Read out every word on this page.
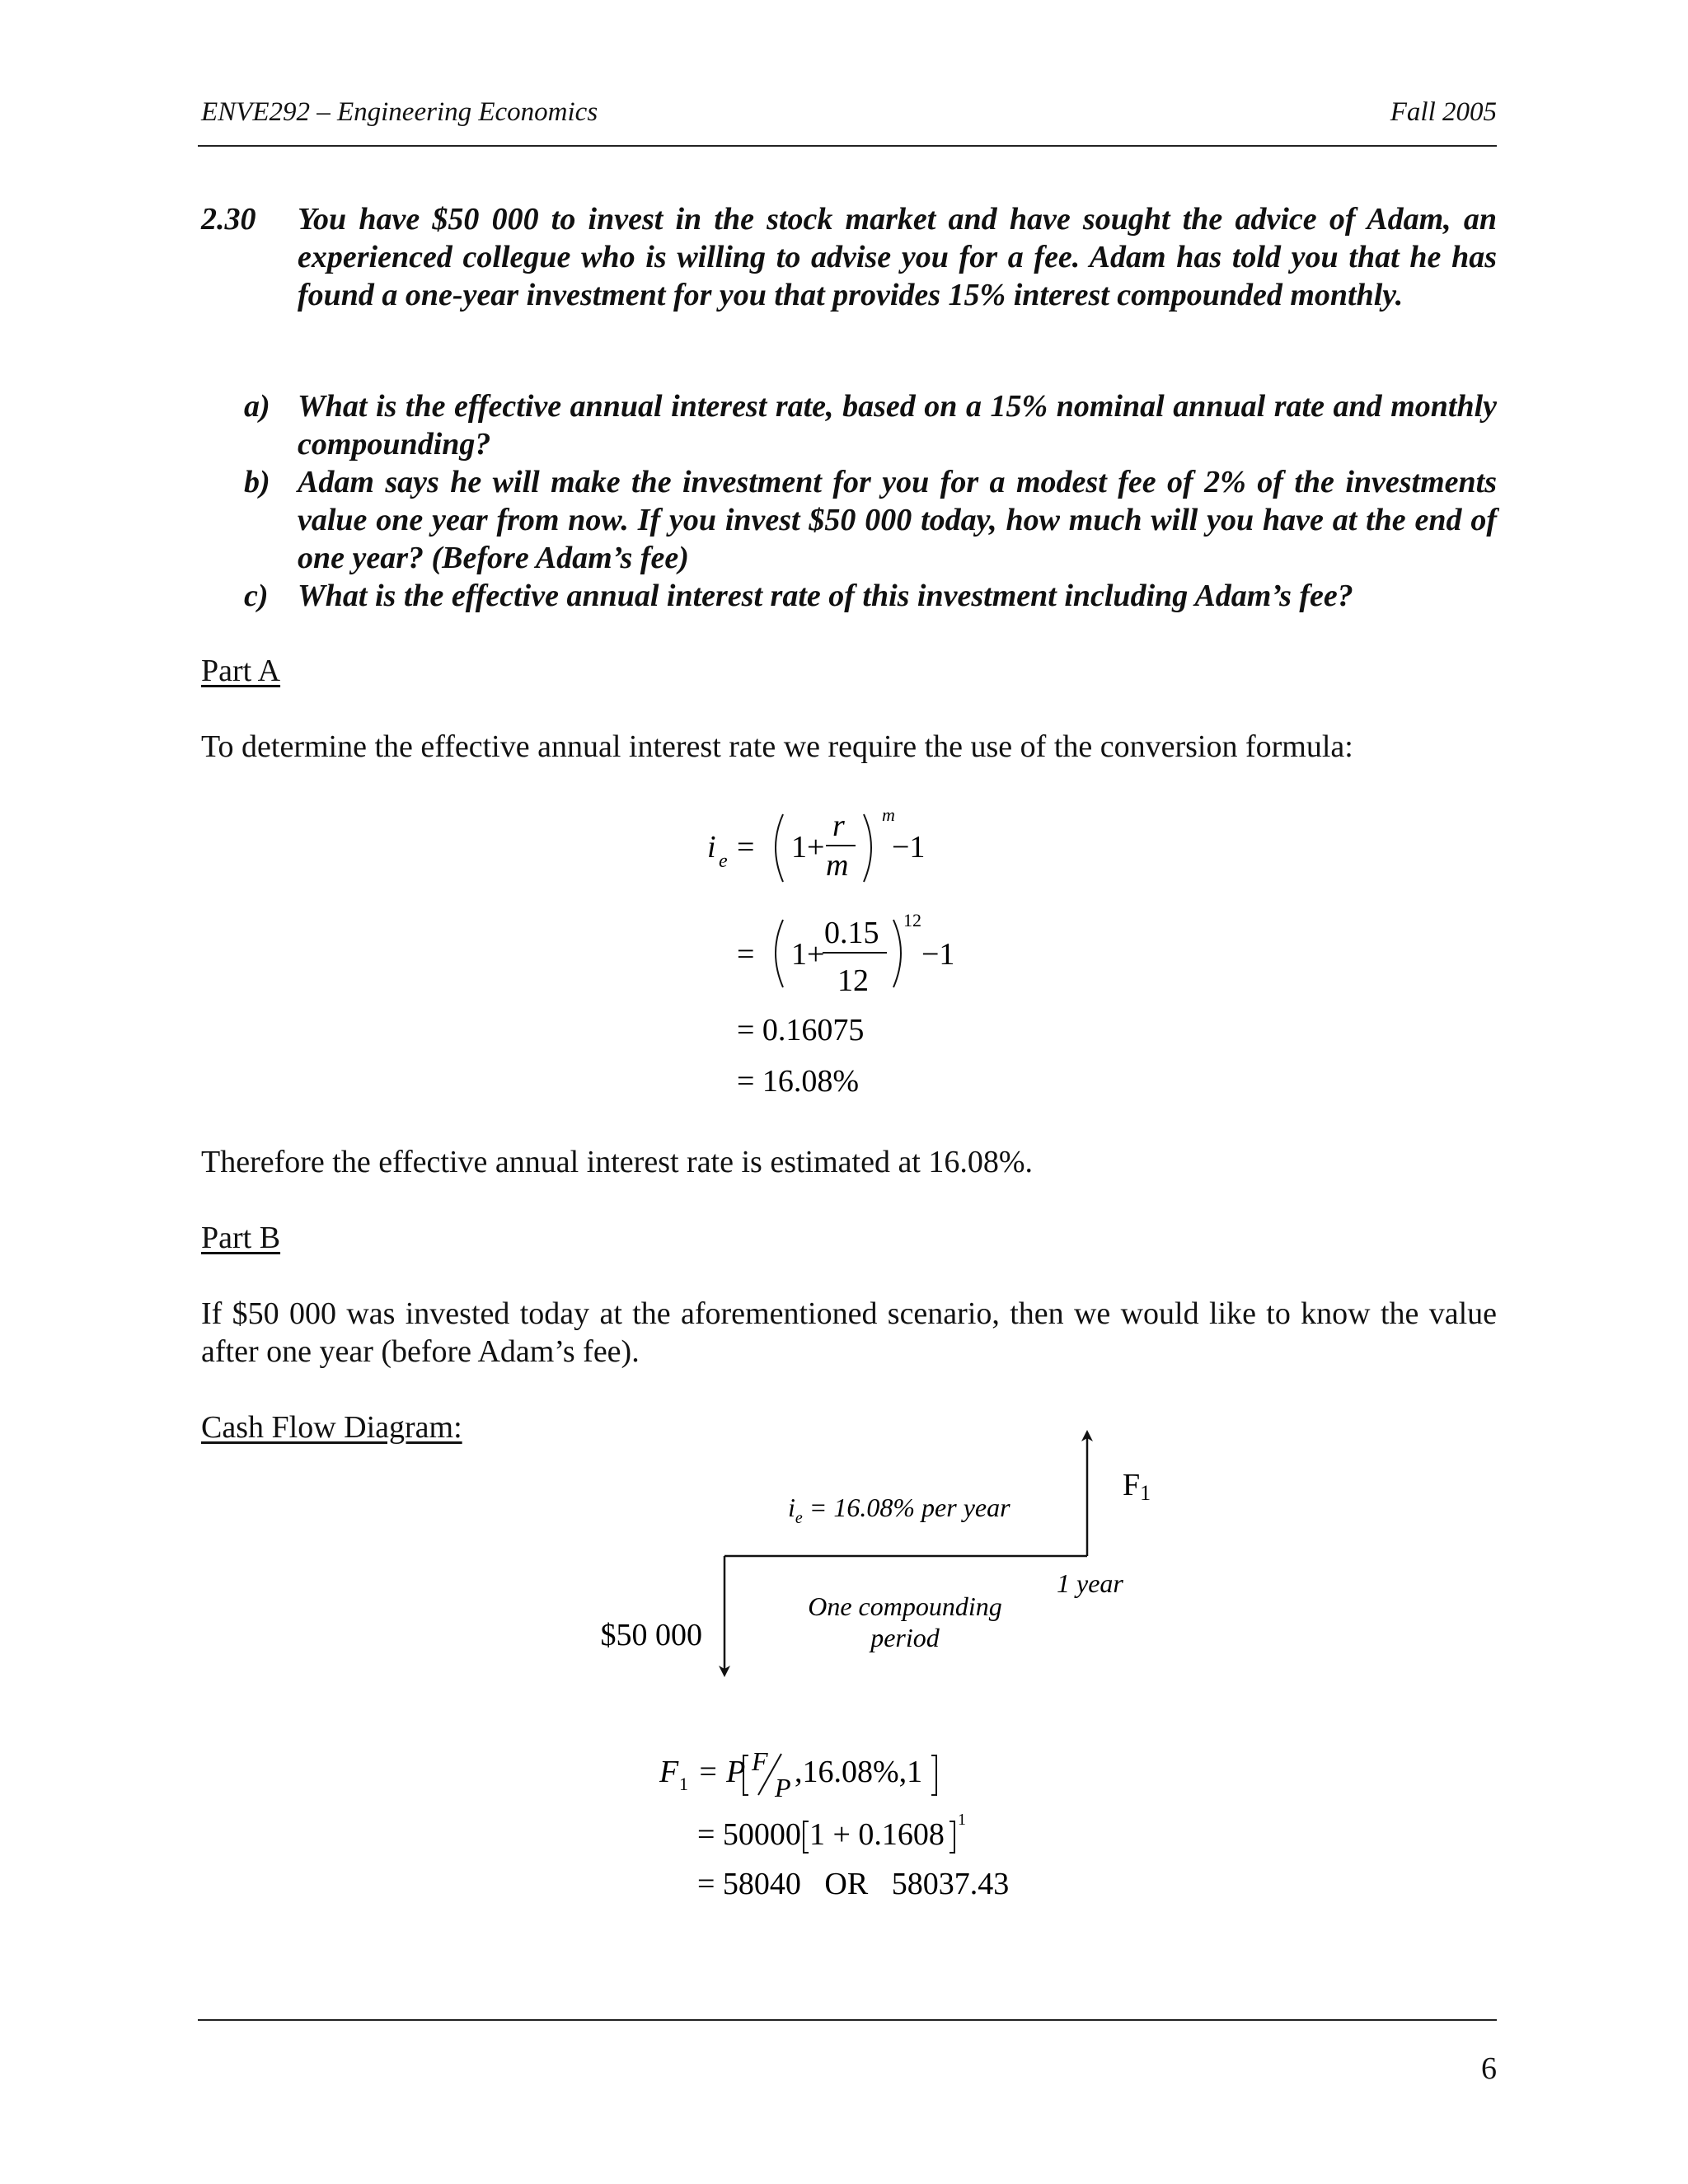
ENVE292 – Engineering Economics	Fall 2005
2.30 You have $50 000 to invest in the stock market and have sought the advice of Adam, an experienced collegue who is willing to advise you for a fee. Adam has told you that he has found a one-year investment for you that provides 15% interest compounded monthly.
a) What is the effective annual interest rate, based on a 15% nominal annual rate and monthly compounding?
b) Adam says he will make the investment for you for a modest fee of 2% of the investments value one year from now. If you invest $50 000 today, how much will you have at the end of one year? (Before Adam’s fee)
c) What is the effective annual interest rate of this investment including Adam’s fee?
Part A
To determine the effective annual interest rate we require the use of the conversion formula:
i e = 1+
r
m
m
−1
= 1+
0.15
12
12
−1
= 0.16075
= 16.08%
Therefore the effective annual interest rate is estimated at 16.08%.
Part B
If $50 000 was invested today at the aforementioned scenario, then we would like to know the value after one year (before Adam’s fee).
Cash Flow Diagram:
$i_e = 16.08\%$ per year
F1
1 year
One compounding
period
$50 000
F 1 = P F
P ,16.08%,1
= 50000 1 + 0.1608 1
= 58040   OR   58037.43
6
